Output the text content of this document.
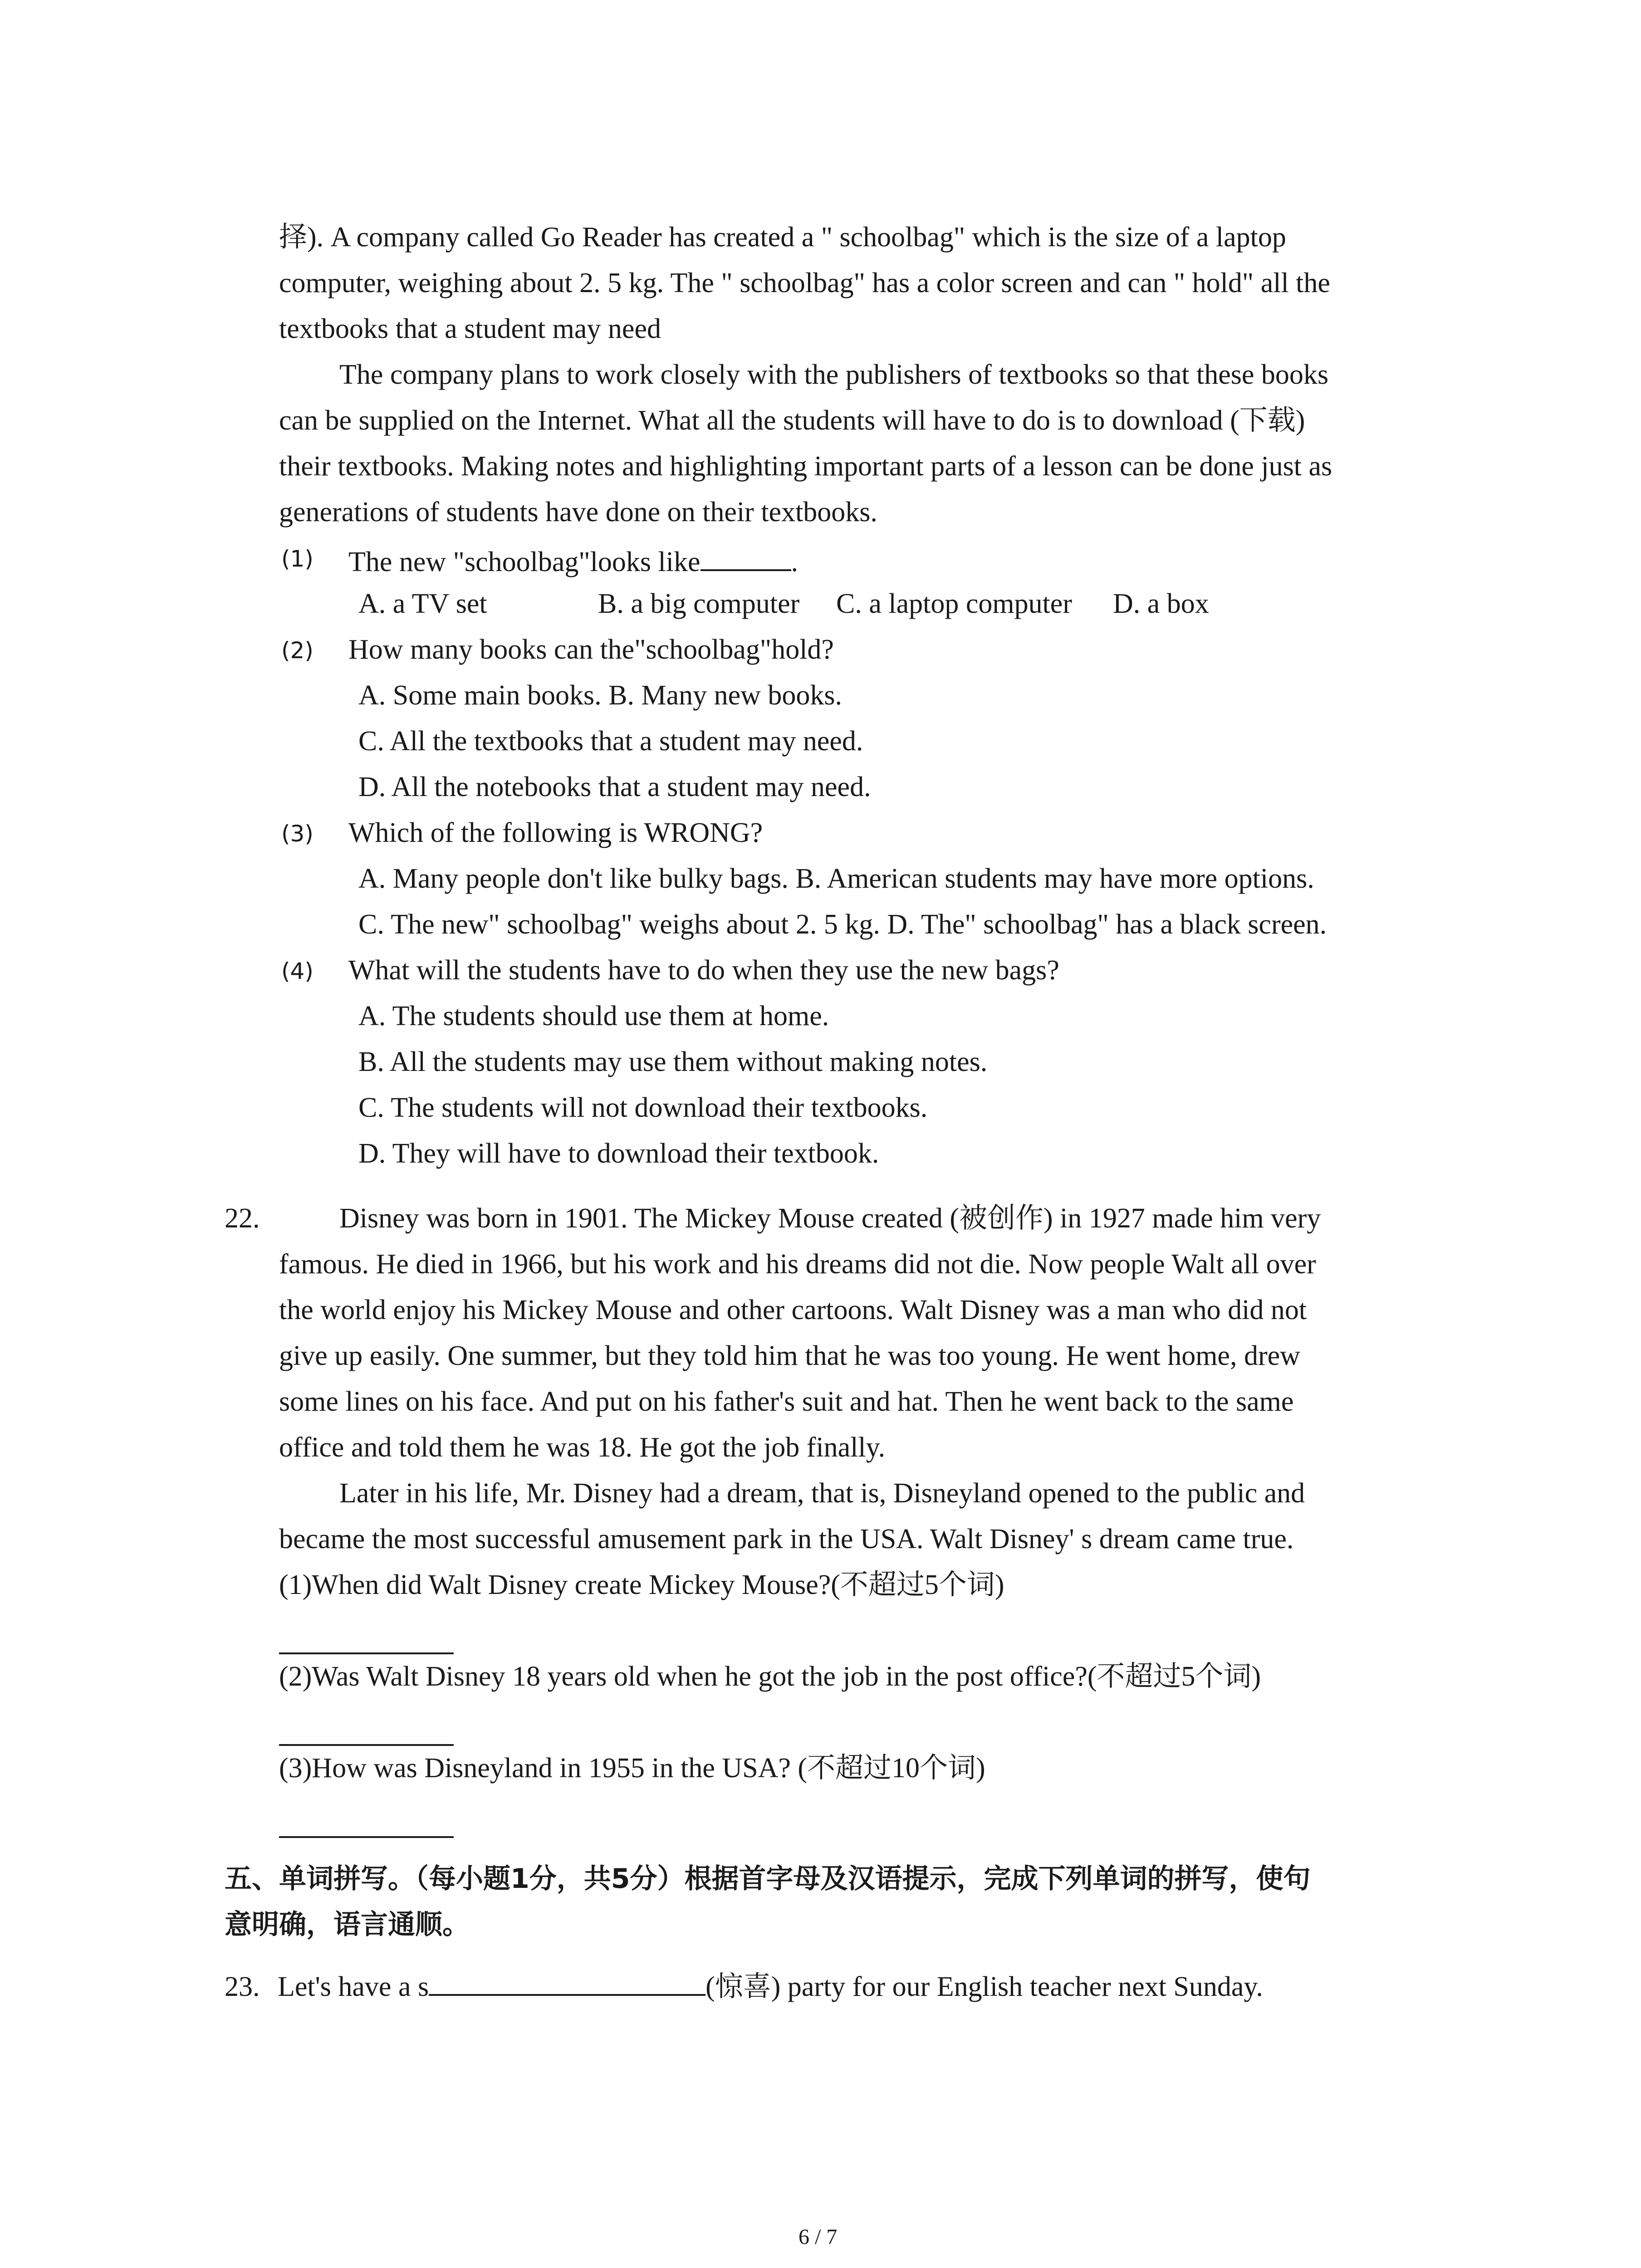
择). A company called Go Reader has created a " schoolbag" which is the size of a laptop
computer, weighing about 2. 5 kg. The " schoolbag" has a color screen and can " hold" all the
textbooks that a student may need
The company plans to work closely with the publishers of textbooks so that these books
can be supplied on the Internet. What all the students will have to do is to download (下载)
their textbooks. Making notes and highlighting important parts of a lesson can be done just as
generations of students have done on their textbooks.
(1) The new "schoolbag"looks like	.
A. a TV set	B. a big computer C. a laptop computer D. a box
(2) How many books can the"schoolbag"hold?
A. Some main books. B. Many new books.
C. All the textbooks that a student may need.
D. All the notebooks that a student may need.
(3) Which of the following is WRONG?
A. Many people don't like bulky bags. B. American students may have more options.
C. The new" schoolbag" weighs about 2. 5 kg. D. The" schoolbag" has a black screen.
(4) What will the students have to do when they use the new bags?
A. The students should use them at home.
B. All the students may use them without making notes.
C. The students will not download their textbooks.
D. They will have to download their textbook.
22.	Disney was born in 1901. The Mickey Mouse created (被创作) in 1927 made him very
famous. He died in 1966, but his work and his dreams did not die. Now people Walt all over
the world enjoy his Mickey Mouse and other cartoons. Walt Disney was a man who did not
give up easily. One summer, but they told him that he was too young. He went home, drew
some lines on his face. And put on his father's suit and hat. Then he went back to the same
office and told them he was 18. He got the job finally.
Later in his life, Mr. Disney had a dream, that is, Disneyland opened to the public and
became the most successful amusement park in the USA. Walt Disney' s dream came true.
(1)When did Walt Disney create Mickey Mouse?(不超过5个词)
(2)Was Walt Disney 18 years old when he got the job in the post office?(不超过5个词)
(3)How was Disneyland in 1955 in the USA? (不超过10个词)
五、单词拼写。（每小题1分，共5分）根据首字母及汉语提示，完成下列单词的拼写，使句
意明确，语言通顺。
23. Let's have a s	(惊喜) party for our English teacher next Sunday.
6 / 7
